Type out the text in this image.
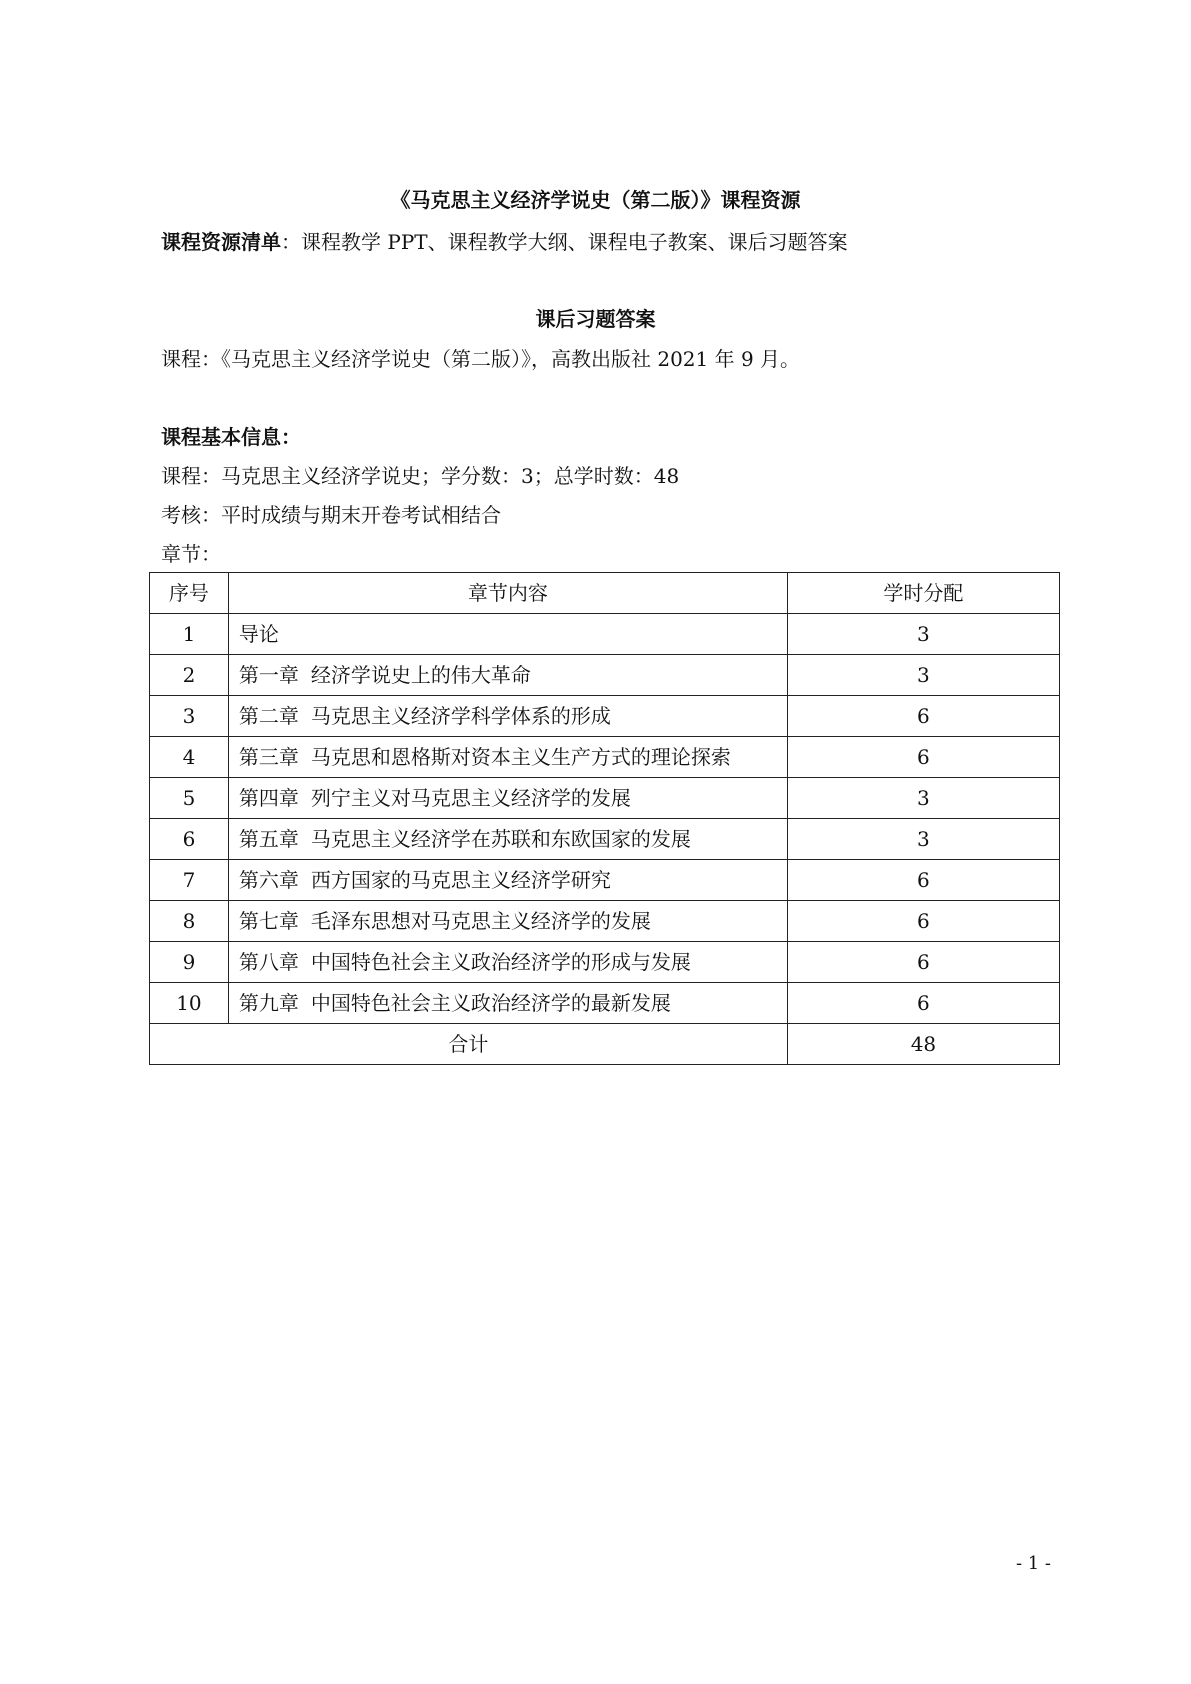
《马克思主义经济学说史（第二版）》课程资源
课程资源清单：课程教学 PPT、课程教学大纲、课程电子教案、课后习题答案
课后习题答案
课程：《马克思主义经济学说史（第二版）》，高教出版社 2021 年 9 月。
课程基本信息：
课程：马克思主义经济学说史；学分数：3；总学时数：48
考核：平时成绩与期末开卷考试相结合
章节：
序号	章节内容	学时分配
1	导论	3
2	第一章 经济学说史上的伟大革命	3
3	第二章 马克思主义经济学科学体系的形成	6
4	第三章 马克思和恩格斯对资本主义生产方式的理论探索	6
5	第四章 列宁主义对马克思主义经济学的发展	3
6	第五章 马克思主义经济学在苏联和东欧国家的发展	3
7	第六章 西方国家的马克思主义经济学研究	6
8	第七章 毛泽东思想对马克思主义经济学的发展	6
9	第八章 中国特色社会主义政治经济学的形成与发展	6
10	第九章 中国特色社会主义政治经济学的最新发展	6
合计		48
- 1 -
